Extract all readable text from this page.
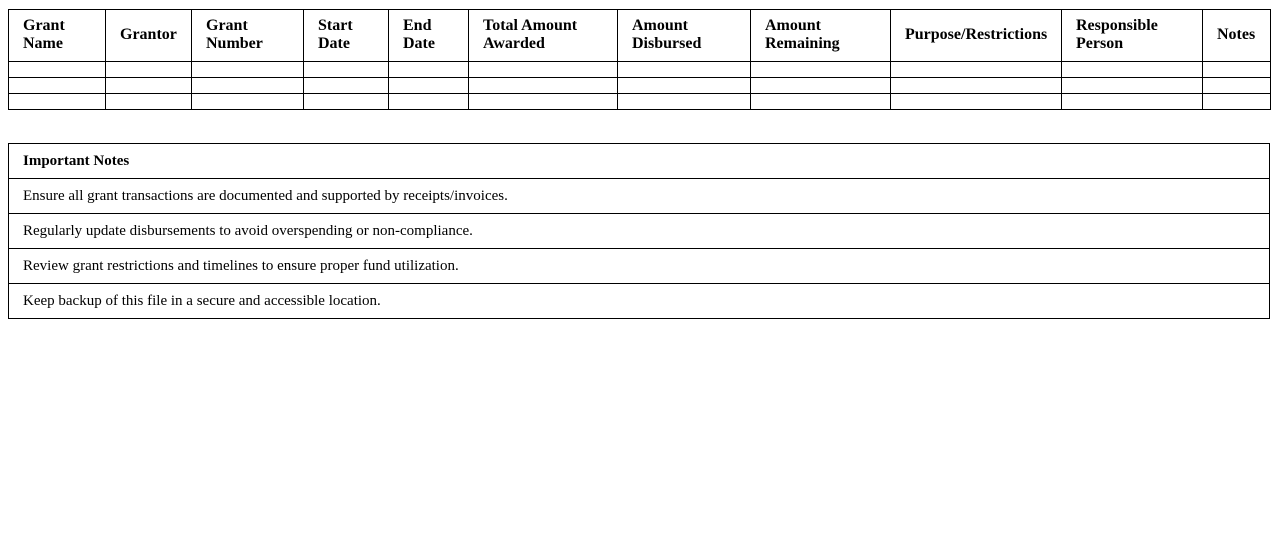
Grant Name	Grantor	Grant Number	Start Date	End Date	Total Amount Awarded	Amount Disbursed	Amount Remaining	Purpose/Restrictions	Responsible Person	Notes

Important Notes
Ensure all grant transactions are documented and supported by receipts/invoices.
Regularly update disbursements to avoid overspending or non-compliance.
Review grant restrictions and timelines to ensure proper fund utilization.
Keep backup of this file in a secure and accessible location.
